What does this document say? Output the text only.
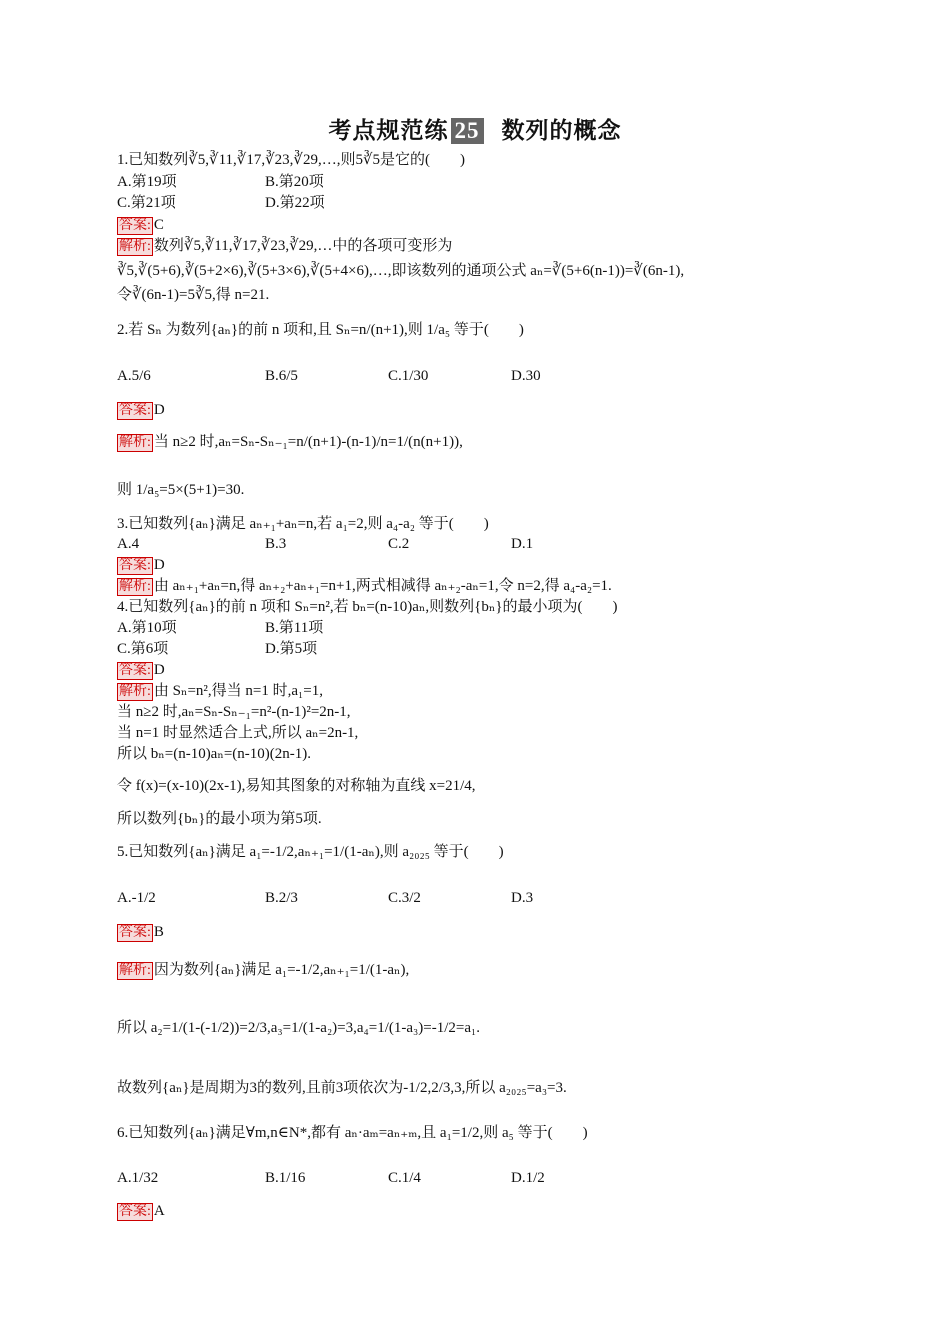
考点规范练 25 数列的概念
1.已知数列∛5,∛11,∛17,∛23,∛29,…,则5∛5是它的(　　)
A.第19项	B.第20项
C.第21项	D.第22项
答案: C
解析: 数列∛5,∛11,∛17,∛23,∛29,…中的各项可变形为
∛5,∛(5+6),∛(5+2×6),∛(5+3×6),∛(5+4×6),…,即该数列的通项公式 aₙ=∛(5+6(n-1))=∛(6n-1),
令∛(6n-1)=5∛5,得 n=21.
2.若 Sₙ 为数列{aₙ}的前 n 项和,且 Sₙ=n/(n+1),则 1/a₅ 等于(　　)
A.5/6	B.6/5	C.1/30	D.30
答案: D
解析: 当 n≥2 时,aₙ=Sₙ-Sₙ₋₁=n/(n+1)-(n-1)/n=1/(n(n+1)),
则 1/a₅=5×(5+1)=30.
3.已知数列{aₙ}满足 aₙ₊₁+aₙ=n,若 a₁=2,则 a₄-a₂ 等于(　　)
A.4	B.3	C.2	D.1
答案: D
解析: 由 aₙ₊₁+aₙ=n,得 aₙ₊₂+aₙ₊₁=n+1,两式相减得 aₙ₊₂-aₙ=1,令 n=2,得 a₄-a₂=1.
4.已知数列{aₙ}的前 n 项和 Sₙ=n²,若 bₙ=(n-10)aₙ,则数列{bₙ}的最小项为(　　)
A.第10项	B.第11项
C.第6项	D.第5项
答案: D
解析: 由 Sₙ=n²,得当 n=1 时,a₁=1,
当 n≥2 时,aₙ=Sₙ-Sₙ₋₁=n²-(n-1)²=2n-1,
当 n=1 时显然适合上式,所以 aₙ=2n-1,
所以 bₙ=(n-10)aₙ=(n-10)(2n-1).
令 f(x)=(x-10)(2x-1),易知其图象的对称轴为直线 x=21/4,
所以数列{bₙ}的最小项为第5项.
5.已知数列{aₙ}满足 a₁=-1/2,aₙ₊₁=1/(1-aₙ),则 a₂₀₂₅ 等于(　　)
A.-1/2	B.2/3	C.3/2	D.3
答案: B
解析: 因为数列{aₙ}满足 a₁=-1/2,aₙ₊₁=1/(1-aₙ),
所以 a₂=1/(1-(-1/2))=2/3,a₃=1/(1-a₂)=3,a₄=1/(1-a₃)=-1/2=a₁.
故数列{aₙ}是周期为3的数列,且前3项依次为-1/2,2/3,3,所以 a₂₀₂₅=a₃=3.
6.已知数列{aₙ}满足∀m,n∈N*,都有 aₙ·aₘ=aₙ₊ₘ,且 a₁=1/2,则 a₅ 等于(　　)
A.1/32	B.1/16	C.1/4	D.1/2
答案: A
